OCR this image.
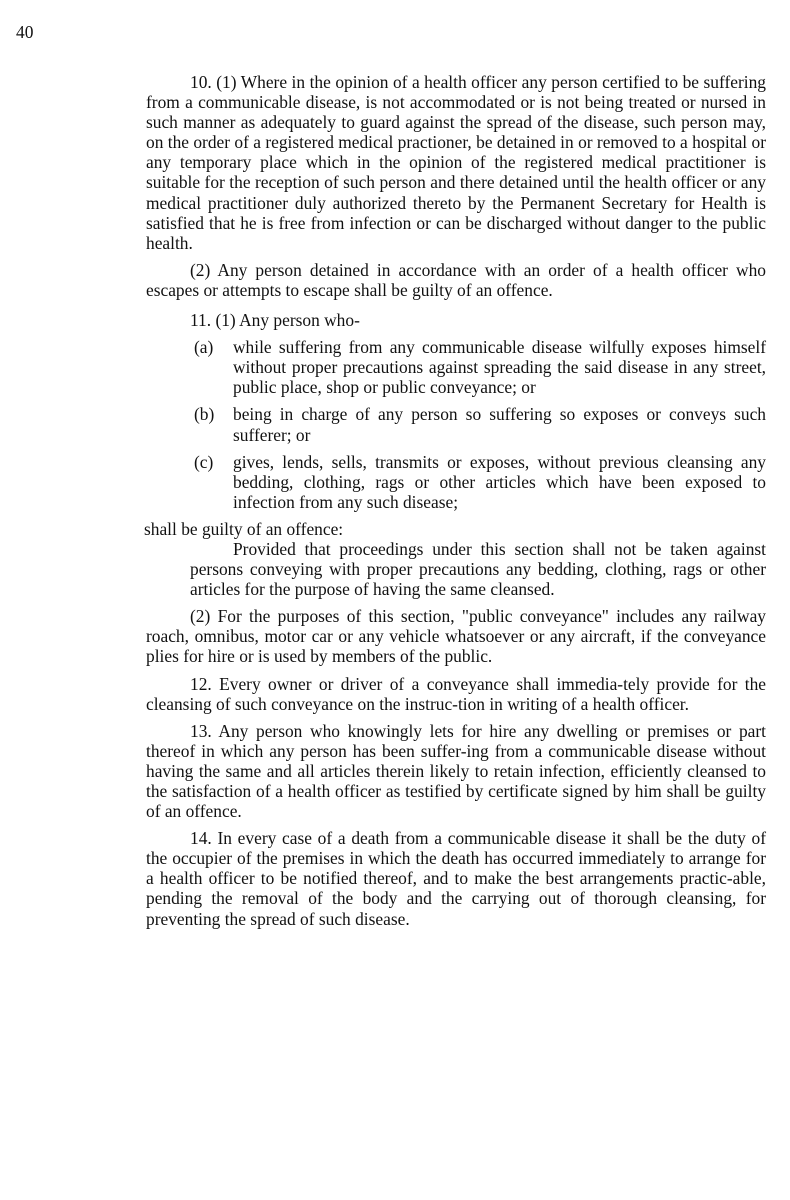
40

10. (1) Where in the opinion of a health officer any person certified to be suffering from a communicable disease, is not accommodated or is not being treated or nursed in such manner as adequately to guard against the spread of the disease, such person may, on the order of a registered medical practioner, be detained in or removed to a hospital or any temporary place which in the opinion of the registered medical practitioner is suitable for the reception of such person and there detained until the health officer or any medical practitioner duly authorized thereto by the Permanent Secretary for Health is satisfied that he is free from infection or can be discharged without danger to the public health.

(2) Any person detained in accordance with an order of a health officer who escapes or attempts to escape shall be guilty of an offence.

11. (1) Any person who-

(a) while suffering from any communicable disease wilfully exposes himself without proper precautions against spreading the said disease in any street, public place, shop or public conveyance; or
(b) being in charge of any person so suffering so exposes or conveys such sufferer; or
(c) gives, lends, sells, transmits or exposes, without previous cleansing any bedding, clothing, rags or other articles which have been exposed to infection from any such disease;

shall be guilty of an offence:

Provided that proceedings under this section shall not be taken against persons conveying with proper precautions any bedding, clothing, rags or other articles for the purpose of having the same cleansed.

(2) For the purposes of this section, "public conveyance" includes any railway roach, omnibus, motor car or any vehicle whatsoever or any aircraft, if the conveyance plies for hire or is used by members of the public.

12. Every owner or driver of a conveyance shall immedia-tely provide for the cleansing of such conveyance on the instruc-tion in writing of a health officer.

13. Any person who knowingly lets for hire any dwelling or premises or part thereof in which any person has been suffer-ing from a communicable disease without having the same and all articles therein likely to retain infection, efficiently cleansed to the satisfaction of a health officer as testified by certificate signed by him shall be guilty of an offence.

14. In every case of a death from a communicable disease it shall be the duty of the occupier of the premises in which the death has occurred immediately to arrange for a health officer to be notified thereof, and to make the best arrangements practic-able, pending the removal of the body and the carrying out of thorough cleansing, for preventing the spread of such disease.
